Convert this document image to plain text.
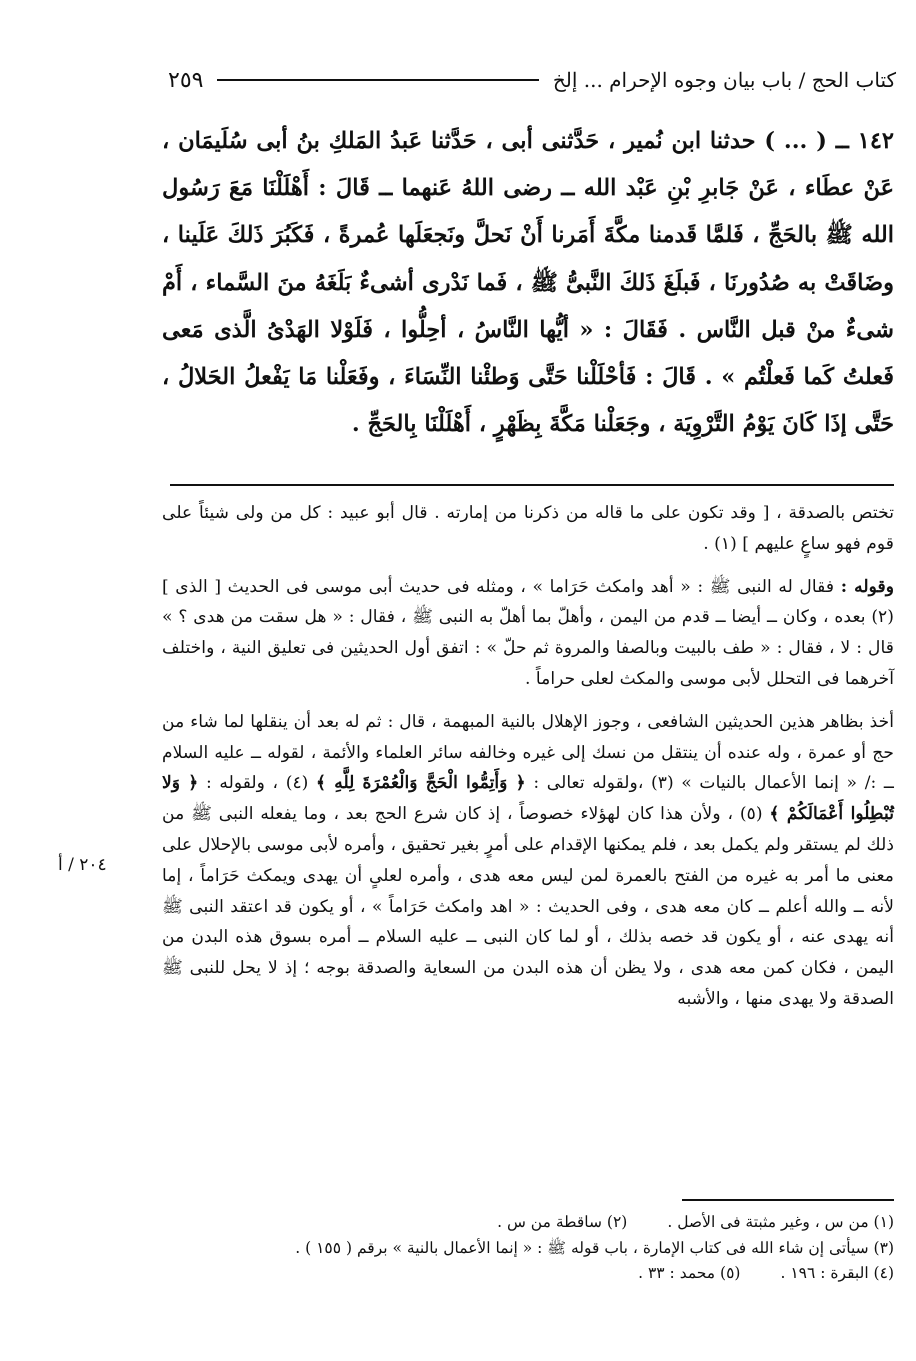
كتاب الحج / باب بيان وجوه الإحرام ... إلخ
٢٥٩
١٤٢ ــ ( ... ) حدثنا ابن نُمير ، حَدَّثنى أبى ، حَدَّثنا عَبدُ المَلكِ بنُ أبى سُلَيمَان ، عَنْ عطَاء ، عَنْ جَابرِ بْنِ عَبْد الله ــ رضى اللهُ عَنهما ــ قَالَ : أَهْلَلْنَا مَعَ رَسُول الله ﷺ بالحَجِّ ، فَلمَّا قَدمنا مكَّةَ أَمَرنا أَنْ نَحلَّ ونَجعَلَها عُمرةً ، فَكَبُرَ ذَلكَ عَلَينا ، وضَاقَتْ به صُدُورنَا ، فَبلَغَ ذَلكَ النَّبىُّ ﷺ ، فَما نَدْرى أشىءٌ بَلَغَهُ منَ السَّماء ، أَمْ شىءٌ منْ قبل النَّاس . فَقَالَ : « أيُّها النَّاسُ ، أحِلُّوا ، فَلَوْلا الهَدْىُ الَّذى مَعى فَعلتُ كَما فَعلْتُم » . قَالَ : فَأحْلَلْنا حَتَّى وَطئْنا النِّسَاءَ ، وفَعَلْنا مَا يَفْعلُ الحَلالُ ، حَتَّى إذَا كَانَ يَوْمُ التَّرْوِيَة ، وجَعَلْنا مَكَّةَ بِظَهْرٍ ، أَهْلَلْنَا بِالحَجِّ .

تختص بالصدقة ، [ وقد تكون على ما قاله من ذكرنا من إمارته . قال أبو عبيد : كل من ولى شيئاً على قوم فهو ساعٍ عليهم ] (١) .

وقوله : فقال له النبى ﷺ : « أهد وامكث حَرَاما » ، ومثله فى حديث أبى موسى فى الحديث [ الذى ] (٢) بعده ، وكان ــ أيضا ــ قدم من اليمن ، وأهلّ بما أهلّ به النبى ﷺ ، فقال : « هل سقت من هدى ؟ » قال : لا ، فقال : « طف بالبيت وبالصفا والمروة ثم حلّ » : اتفق أول الحديثين فى تعليق النية ، واختلف آخرهما فى التحلل لأبى موسى والمكث لعلى حراماً .

أخذ بظاهر هذين الحديثين الشافعى ، وجوز الإهلال بالنية المبهمة ، قال : ثم له بعد أن ينقلها لما شاء من حج أو عمرة ، وله عنده أن ينتقل من نسك إلى غيره وخالفه سائر العلماء والأئمة ، لقوله ــ عليه السلام ــ :/ « إنما الأعمال بالنيات » (٣) ،ولقوله تعالى : ﴿ وَأَتِمُّوا الْحَجَّ وَالْعُمْرَةَ لِلَّهِ ﴾ (٤) ، ولقوله : ﴿ وَلا تُبْطِلُوا أَعْمَالَكُمْ ﴾ (٥) ، ولأن هذا كان لهؤلاء خصوصاً ، إذ كان شرع الحج بعد ، وما يفعله النبى ﷺ من ذلك لم يستقر ولم يكمل بعد ، فلم يمكنها الإقدام على أمرٍ بغير تحقيق ، وأمره لأبى موسى بالإحلال على معنى ما أمر به غيره من الفتح بالعمرة لمن ليس معه هدى ، وأمره لعلىٍ أن يهدى ويمكث حَرَاماً ، إما لأنه ــ والله أعلم ــ كان معه هدى ، وفى الحديث : « اهد وامكث حَرَاماً » ، أو يكون قد اعتقد النبى ﷺ أنه يهدى عنه ، أو يكون قد خصه بذلك ، أو لما كان النبى ــ عليه السلام ــ أمره بسوق هذه البدن من اليمن ، فكان كمن معه هدى ، ولا يظن أن هذه البدن من السعاية والصدقة بوجه ؛ إذ لا يحل للنبى ﷺ الصدقة ولا يهدى منها ، والأشبه

٢٠٤ / أ
(١) من س ، وغير مثبتة فى الأصل .(٢) ساقطة من س .
(٣) سيأتى إن شاء الله فى كتاب الإمارة ، باب قوله ﷺ : « إنما الأعمال بالنية » برقم ( ١٥٥ ) .
(٤) البقرة : ١٩٦ .(٥) محمد : ٣٣ .
